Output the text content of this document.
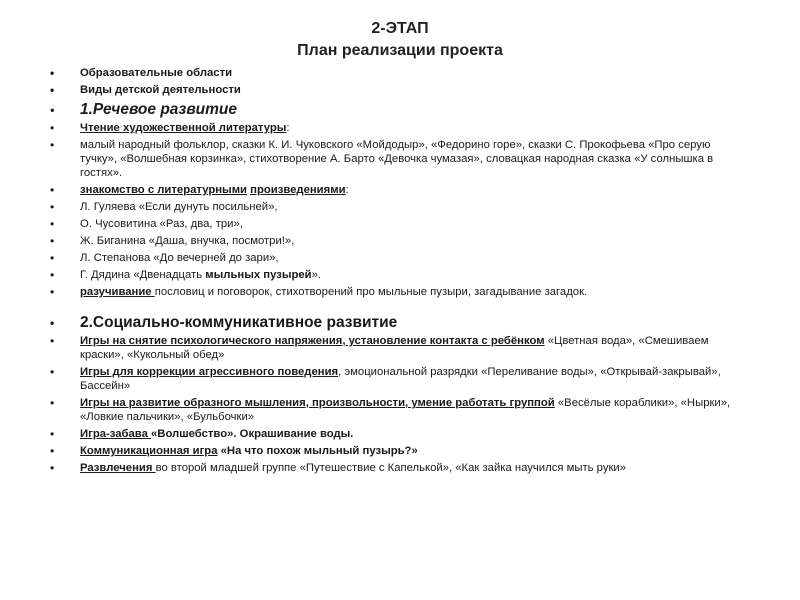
2-ЭТАП
План реализации проекта
• Образовательные области
• Виды детской деятельности
• 1.Речевое развитие
• Чтение художественной литературы:
• малый народный фольклор, сказки К. И. Чуковского «Мойдодыр», «Федорино горе», сказки С. Прокофьева «Про серую тучку», «Волшебная корзинка», стихотворение А. Барто «Девочка чумазая», словацкая народная сказка «У солнышка в гостях».
• знакомство с литературными произведениями:
• Л. Гуляева «Если дунуть посильней»,
• О. Чусовитина «Раз, два, три»,
• Ж. Биганина «Даша, внучка, посмотри!»,
• Л. Степанова «До вечерней до зари»,
• Г. Дядина «Двенадцать мыльных пузырей».
• разучивание пословиц и поговорок, стихотворений про мыльные пузыри, загадывание загадок.
• 2.Социально-коммуникативное развитие
• Игры на снятие психологического напряжения, установление контакта с ребёнком «Цветная вода», «Смешиваем краски», «Кукольный обед»
• Игры для коррекции агрессивного поведения, эмоциональной разрядки «Переливание воды», «Открывай-закрывай», Бассейн»
• Игры на развитие образного мышления, произвольности, умение работать группой «Весёлые кораблики», «Нырки», «Ловкие пальчики», «Бульбочки»
• Игра-забава «Волшебство». Окрашивание воды.
• Коммуникационная игра «На что похож мыльный пузырь?»
• Развлечения во второй младшей группе «Путешествие с Капелькой», «Как зайка научился мыть руки»
